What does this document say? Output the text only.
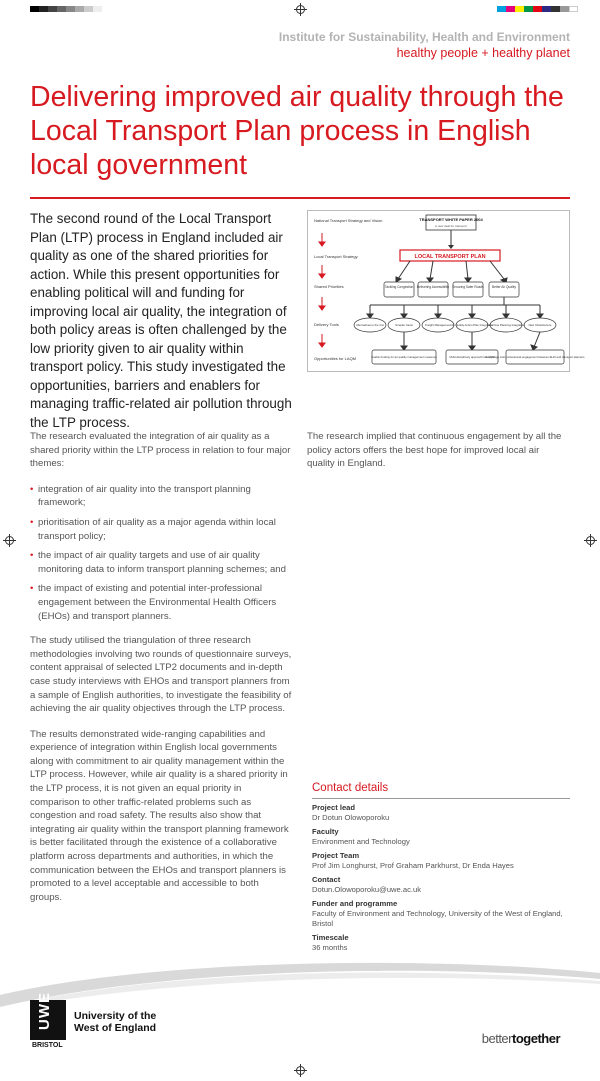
Institute for Sustainability, Health and Environment
healthy people + healthy planet
Delivering improved air quality through the Local Transport Plan process in English local government

The second round of the Local Transport Plan (LTP) process in England included air quality as one of the shared priorities for action. While this present opportunities for enabling political will and funding for improving local air quality, the integration of both policy areas is often challenged by the low priority given to air quality within transport policy. This study investigated the opportunities, barriers and enablers for managing traffic-related air pollution through the LTP process.

National Transport Strategy and Vision
Local Transport Strategy
Shared Priorities
Delivery Tools
Opportunities for LAQM
TRANSPORT WHITE PAPER 2004
A new deal for transport
LOCAL TRANSPORT PLAN
Tackling Congestion Delivering Accessibility Ensuring Safer Roads	Better Air Quality
Alternatives to the Car	Smarter travel	Freight Management Air Quality Action Plan Integration
Land Use Planning Integration New Infrastructure
Enable funding for air quality management measures	Multi-disciplinary approach to LAQM
Encourage inter-professional engagement between EHO and transport planners

The research evaluated the integration of air quality as a shared priority within the LTP process in relation to four major themes:

• integration of air quality into the transport planning framework;
• prioritisation of air quality as a major agenda within local transport policy;
• the impact of air quality targets and use of air quality monitoring data to inform transport planning schemes; and
• the impact of existing and potential inter-professional engagement between the Environmental Health Officers (EHOs) and transport planners.

The study utilised the triangulation of three research methodologies involving two rounds of questionnaire surveys, content appraisal of selected LTP2 documents and in-depth case study interviews with EHOs and transport planners from a sample of English authorities, to investigate the feasibility of achieving the air quality objectives through the LTP process.

The results demonstrated wide-ranging capabilities and experience of integration within English local governments along with commitment to air quality management within the LTP process. However, while air quality is a shared priority in the LTP process, it is not given an equal priority in comparison to other traffic-related problems such as congestion and road safety. The results also show that integrating air quality within the transport planning framework is better facilitated through the existence of a collaborative platform across departments and authorities, in which the communication between the EHOs and transport planners is promoted to a level acceptable and accessible to both groups.

The research implied that continuous engagement by all the policy actors offers the best hope for improved local air quality in England.

Contact details
Project lead
Dr Dotun Olowoporoku
Faculty
Environment and Technology
Project Team
Prof Jim Longhurst, Prof Graham Parkhurst, Dr Enda Hayes
Contact
Dotun.Olowoporoku@uwe.ac.uk
Funder and programme
Faculty of Environment and Technology, University of the West of England, Bristol
Timescale
36 months
UWE
BRISTOL
University of the
West of England
bettertogether
